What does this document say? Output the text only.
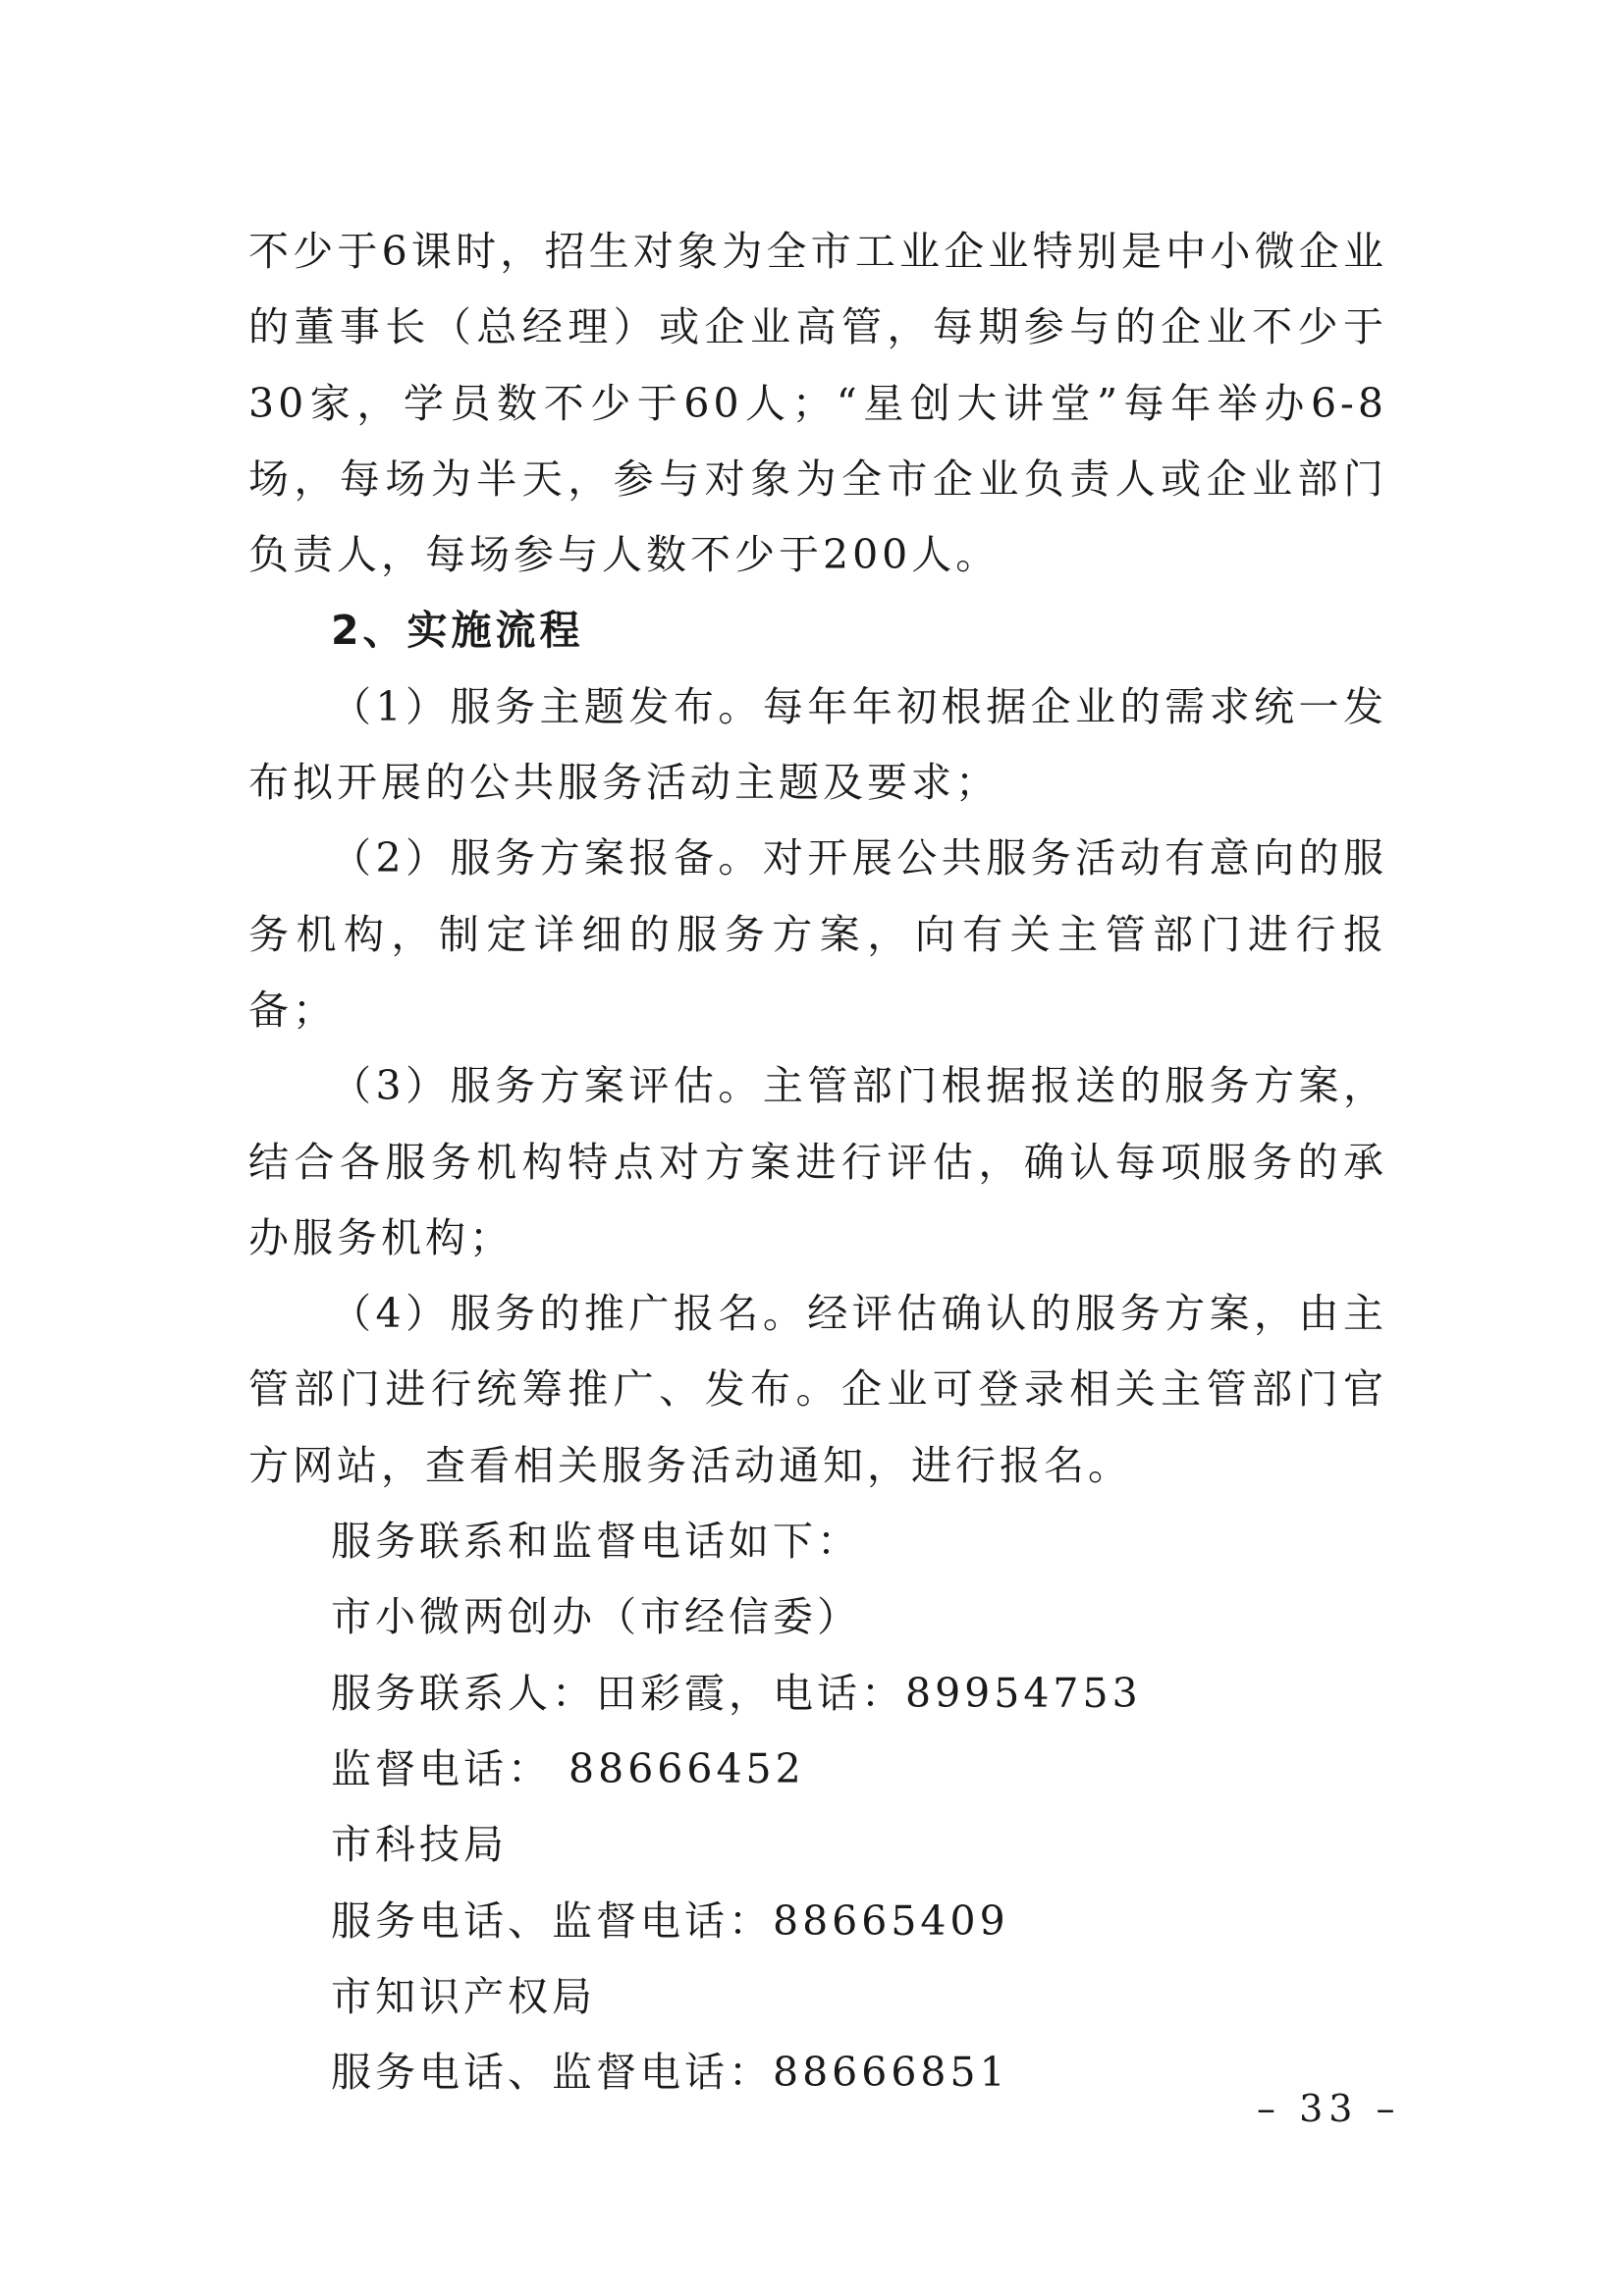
不少于6课时，招生对象为全市工业企业特别是中小微企业的董事长（总经理）或企业高管，每期参与的企业不少于30家，学员数不少于60人；“星创大讲堂”每年举办6-8场，每场为半天，参与对象为全市企业负责人或企业部门负责人，每场参与人数不少于200人。

2、实施流程

（1）服务主题发布。每年年初根据企业的需求统一发布拟开展的公共服务活动主题及要求；

（2）服务方案报备。对开展公共服务活动有意向的服务机构，制定详细的服务方案，向有关主管部门进行报备；

（3）服务方案评估。主管部门根据报送的服务方案，结合各服务机构特点对方案进行评估，确认每项服务的承办服务机构；

（4）服务的推广报名。经评估确认的服务方案，由主管部门进行统筹推广、发布。企业可登录相关主管部门官方网站，查看相关服务活动通知，进行报名。

服务联系和监督电话如下：

市小微两创办（市经信委）

服务联系人：田彩霞，电话：89954753

监督电话： 88666452

市科技局

服务电话、监督电话：88665409

市知识产权局

服务电话、监督电话：88666851

– 33 –
